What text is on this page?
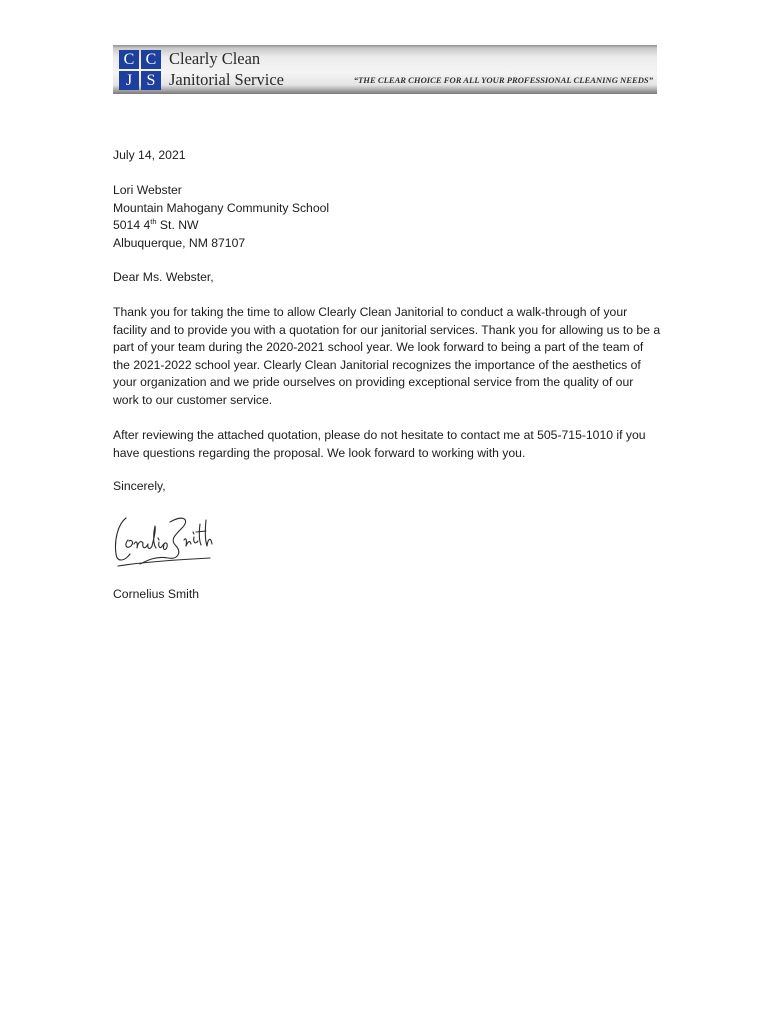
C C
J S
Clearly Clean
Janitorial Service	“THE CLEAR CHOICE FOR ALL YOUR PROFESSIONAL CLEANING NEEDS”
July 14, 2021
Lori Webster
Mountain Mahogany Community School
5014 4th St. NW
Albuquerque, NM 87107
Dear Ms. Webster,
Thank you for taking the time to allow Clearly Clean Janitorial to conduct a walk-through of your facility and to provide you with a quotation for our janitorial services. Thank you for allowing us to be a part of your team during the 2020-2021 school year. We look forward to being a part of the team of the 2021-2022 school year. Clearly Clean Janitorial recognizes the importance of the aesthetics of your organization and we pride ourselves on providing exceptional service from the quality of our work to our customer service.
After reviewing the attached quotation, please do not hesitate to contact me at 505-715-1010 if you have questions regarding the proposal. We look forward to working with you.
Sincerely,
Cornelius Smith
